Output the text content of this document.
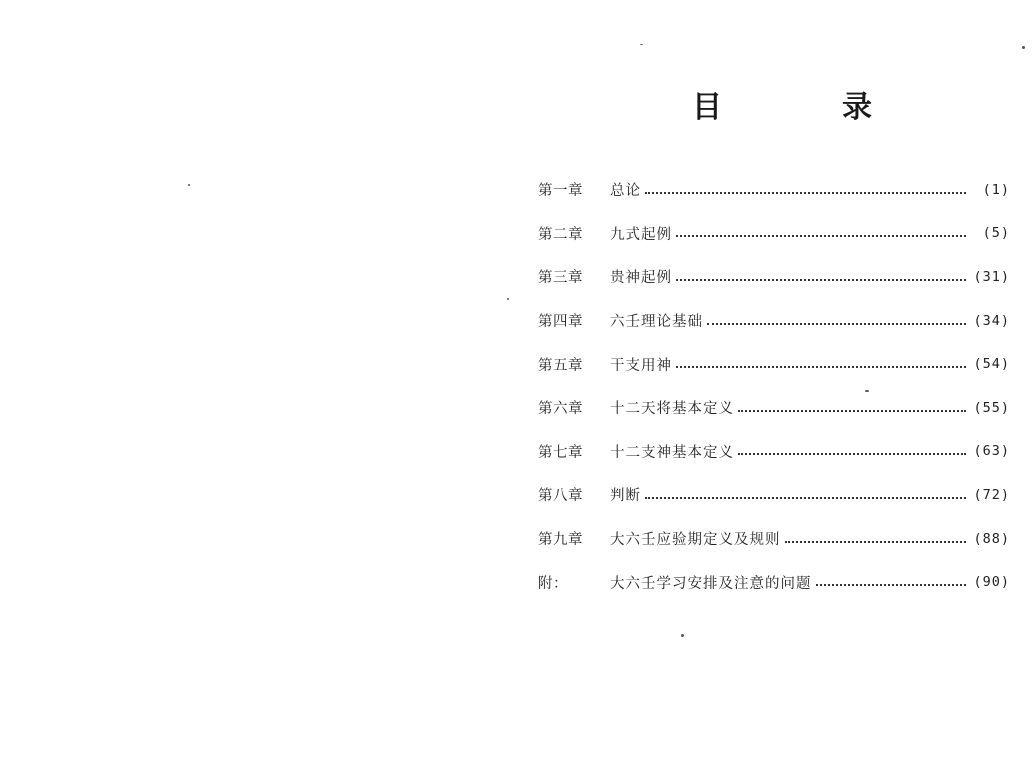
目	录
第一章	总论	(1)
第二章	九式起例	(5)
第三章	贵神起例	(31)
第四章	六壬理论基础	(34)
第五章	干支用神	(54)
第六章	十二天将基本定义	(55)
第七章	十二支神基本定义	(63)
第八章	判断	(72)
第九章	大六壬应验期定义及规则	(88)
附：	大六壬学习安排及注意的问题	(90)
